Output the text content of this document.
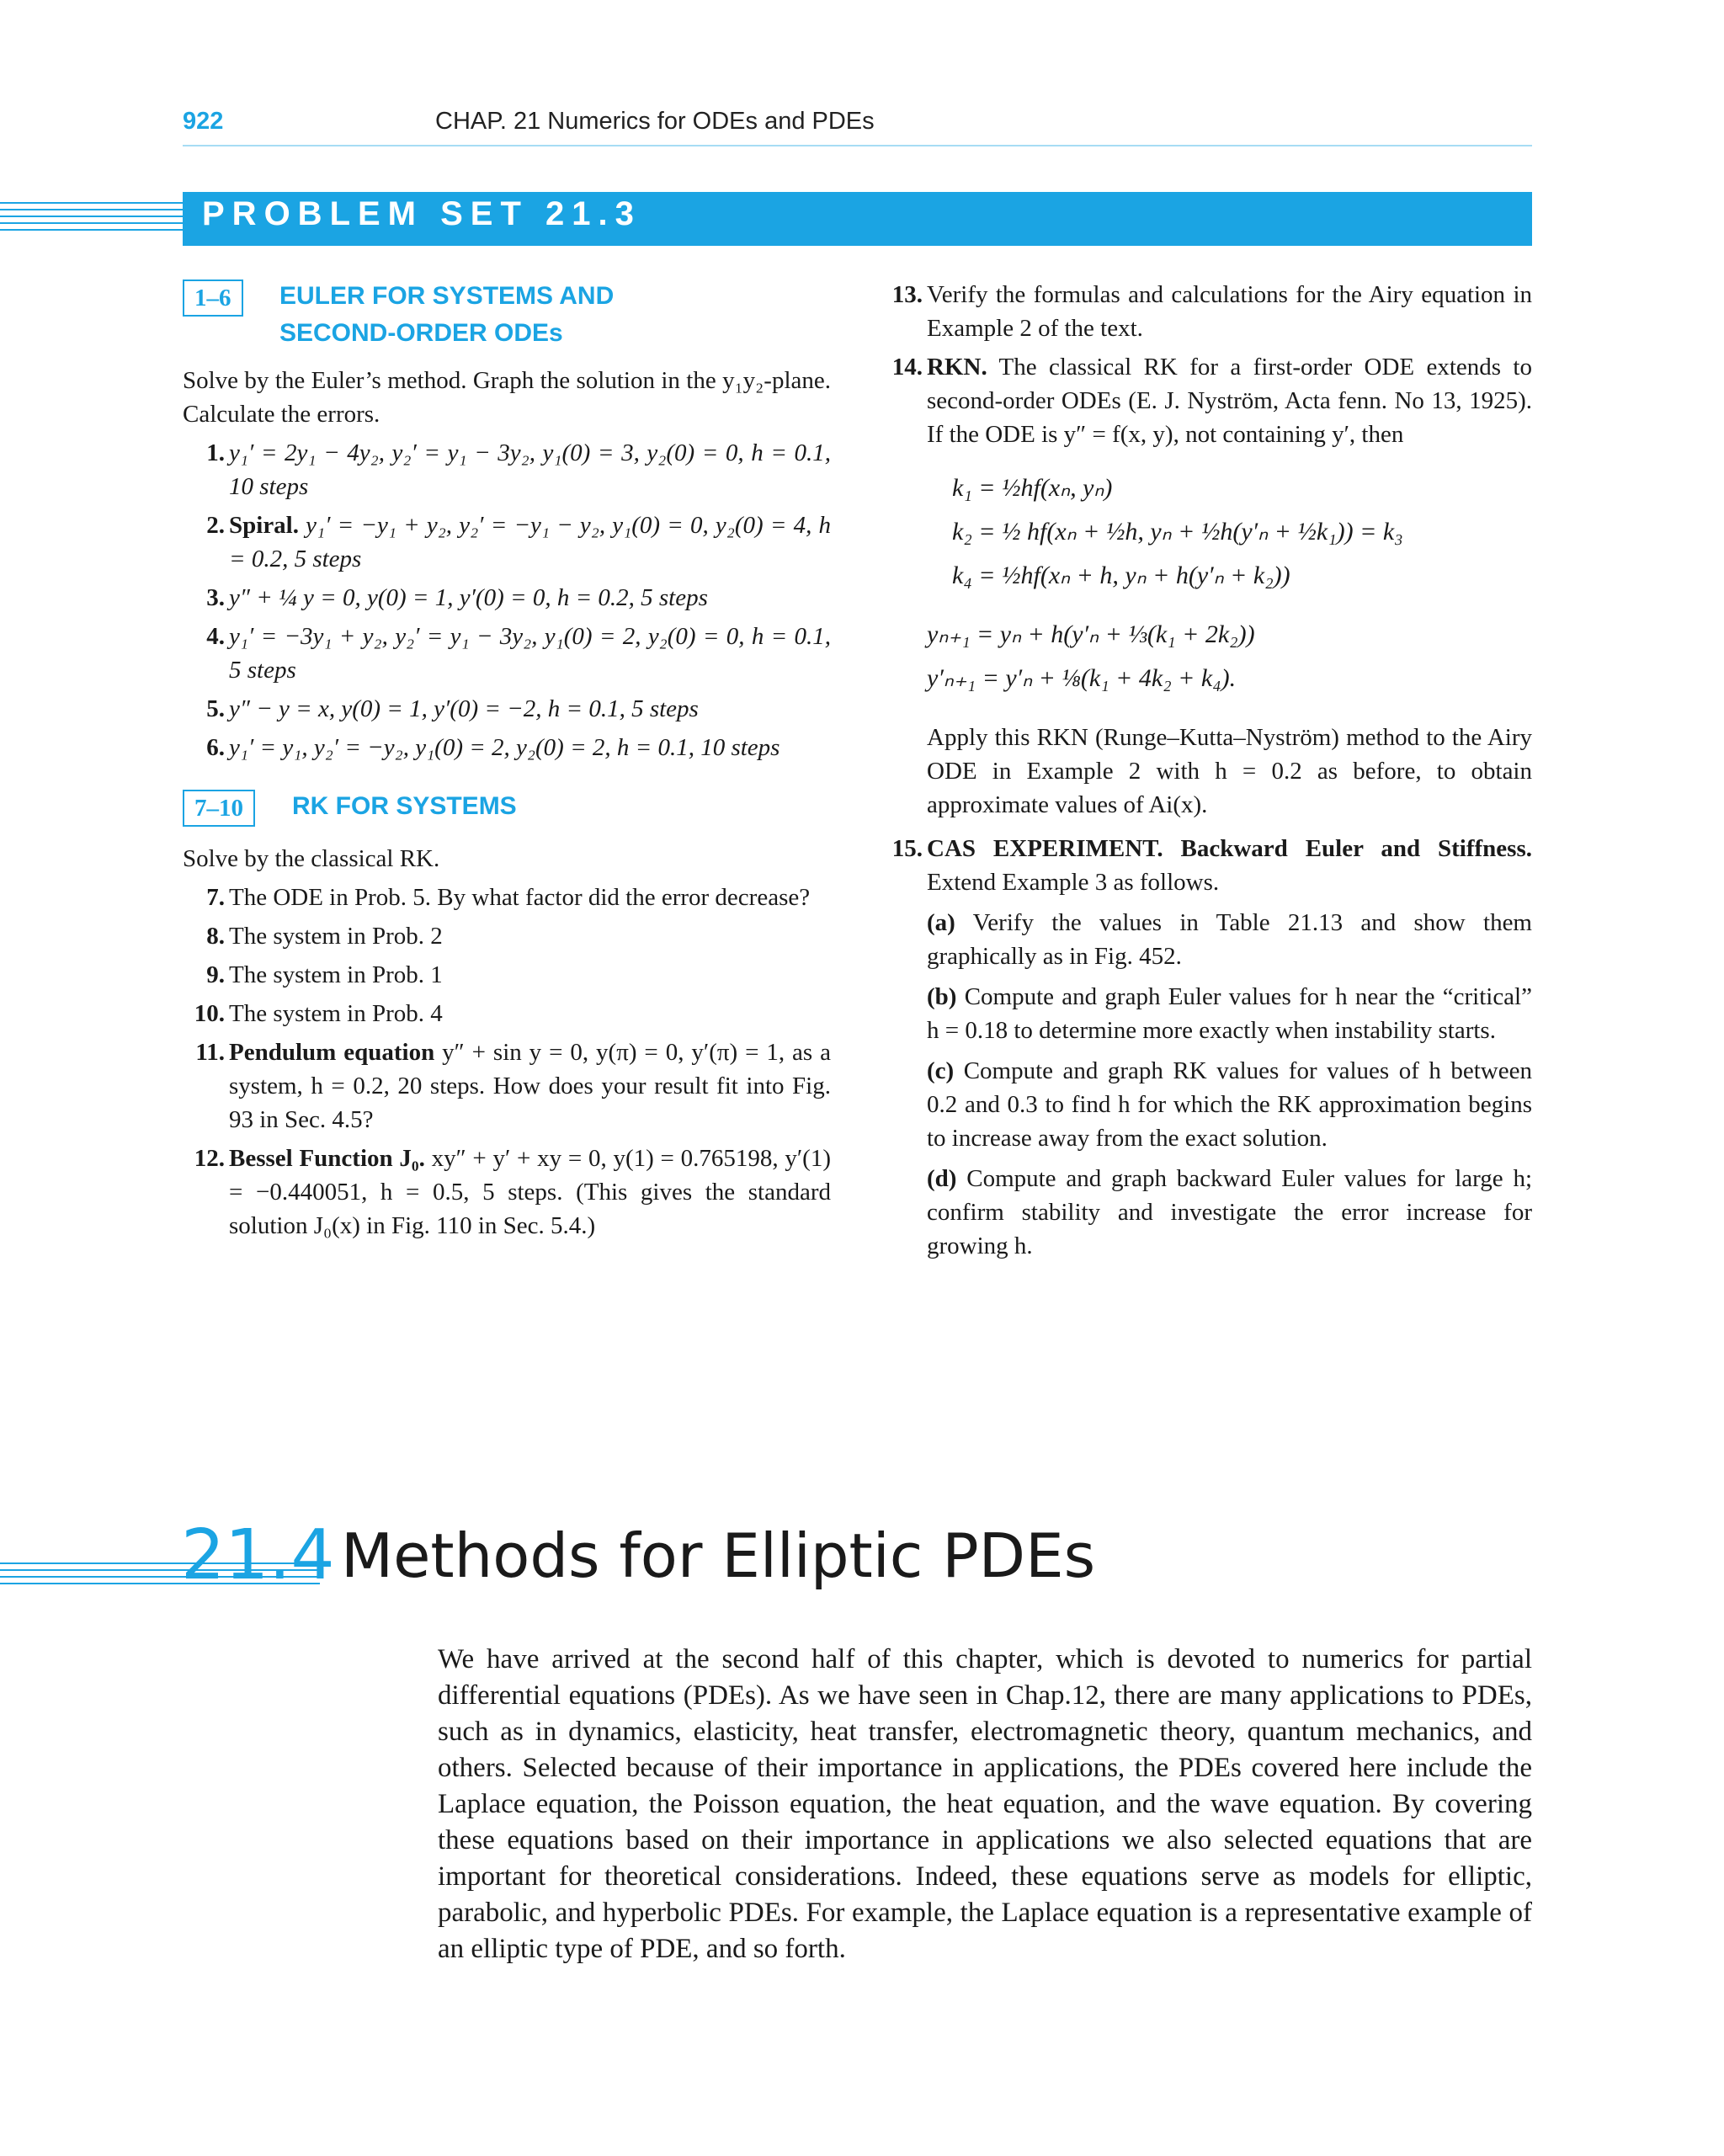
922	CHAP. 21 Numerics for ODEs and PDEs
PROBLEM SET 21.3
1–6	EULER FOR SYSTEMS AND
SECOND-ORDER ODEs
Solve by the Euler’s method. Graph the solution in the y₁y₂-plane. Calculate the errors.
1. y₁′ = 2y₁ − 4y₂, y₂′ = y₁ − 3y₂, y₁(0) = 3, y₂(0) = 0, h = 0.1, 10 steps

2. Spiral. y₁′ = −y₁ + y₂, y₂′ = −y₁ − y₂, y₁(0) = 0, y₂(0) = 4, h = 0.2, 5 steps

3. y″ + ¼ y = 0, y(0) = 1, y′(0) = 0, h = 0.2, 5 steps

4. y₁′ = −3y₁ + y₂, y₂′ = y₁ − 3y₂, y₁(0) = 2, y₂(0) = 0, h = 0.1, 5 steps

5. y″ − y = x, y(0) = 1, y′(0) = −2, h = 0.1, 5 steps

6. y₁′ = y₁, y₂′ = −y₂, y₁(0) = 2, y₂(0) = 2, h = 0.1, 10 steps

7–10	RK FOR SYSTEMS
Solve by the classical RK.
7. The ODE in Prob. 5. By what factor did the error decrease?

8. The system in Prob. 2

9. The system in Prob. 1

10. The system in Prob. 4

11. Pendulum equation y″ + sin y = 0, y(π) = 0, y′(π) = 1, as a system, h = 0.2, 20 steps. How does your result fit into Fig. 93 in Sec. 4.5?

12. Bessel Function J₀. xy″ + y′ + xy = 0, y(1) = 0.765198, y′(1) = −0.440051, h = 0.5, 5 steps. (This gives the standard solution J₀(x) in Fig. 110 in Sec. 5.4.)

13. Verify the formulas and calculations for the Airy equation in Example 2 of the text.

14. RKN. The classical RK for a first-order ODE extends to second-order ODEs (E. J. Nyström, Acta fenn. No 13, 1925). If the ODE is y″ = f(x, y), not containing y′, then

k₁ = ½hf(xₙ, yₙ)
k₂ = ½ hf(xₙ + ½h, yₙ + ½h(y′ₙ + ½k₁)) = k₃
k₄ = ½hf(xₙ + h, yₙ + h(y′ₙ + k₂))
yₙ₊₁ = yₙ + h(y′ₙ + ⅓(k₁ + 2k₂))
y′ₙ₊₁ = y′ₙ + ⅛(k₁ + 4k₂ + k₄).

Apply this RKN (Runge–Kutta–Nyström) method to the Airy ODE in Example 2 with h = 0.2 as before, to obtain approximate values of Ai(x).

15. CAS EXPERIMENT. Backward Euler and Stiffness. Extend Example 3 as follows.

(a) Verify the values in Table 21.13 and show them graphically as in Fig. 452.
(b) Compute and graph Euler values for h near the “critical” h = 0.18 to determine more exactly when instability starts.
(c) Compute and graph RK values for values of h between 0.2 and 0.3 to find h for which the RK approximation begins to increase away from the exact solution.
(d) Compute and graph backward Euler values for large h; confirm stability and investigate the error increase for growing h.
21.4 Methods for Elliptic PDEs
We have arrived at the second half of this chapter, which is devoted to numerics for partial differential equations (PDEs). As we have seen in Chap.12, there are many applications to PDEs, such as in dynamics, elasticity, heat transfer, electromagnetic theory, quantum mechanics, and others. Selected because of their importance in applications, the PDEs covered here include the Laplace equation, the Poisson equation, the heat equation, and the wave equation. By covering these equations based on their importance in applications we also selected equations that are important for theoretical considerations. Indeed, these equations serve as models for elliptic, parabolic, and hyperbolic PDEs. For example, the Laplace equation is a representative example of an elliptic type of PDE, and so forth.
